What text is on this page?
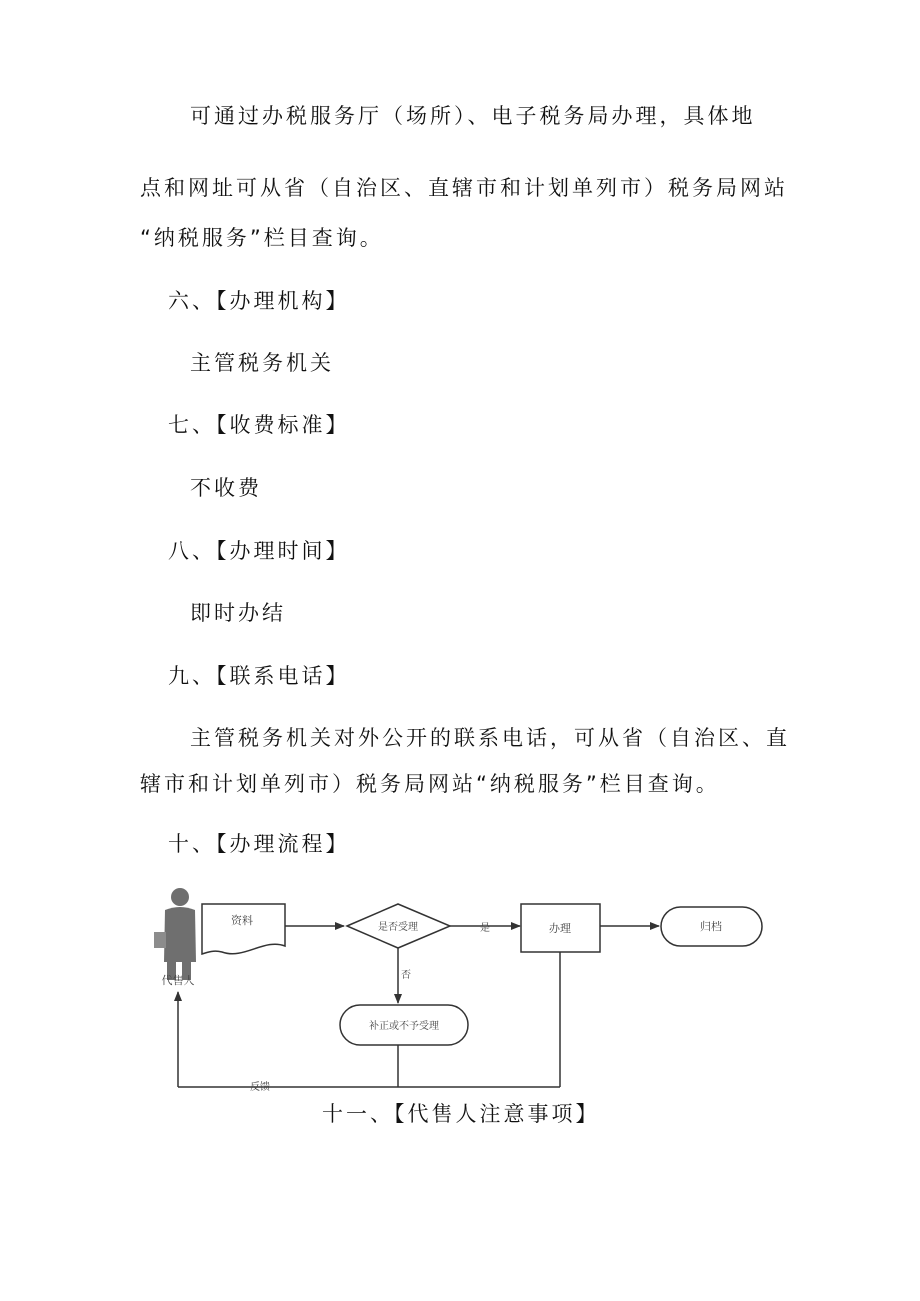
可通过办税服务厅（场所）、电子税务局办理，具体地
点和网址可从省（自治区、直辖市和计划单列市）税务局网站
“纳税服务”栏目查询。
六、【办理机构】
主管税务机关
七、【收费标准】
不收费
八、【办理时间】
即时办结
九、【联系电话】
主管税务机关对外公开的联系电话，可从省（自治区、直
辖市和计划单列市）税务局网站“纳税服务”栏目查询。
十、【办理流程】
代售人
资料
是否受理	是	办理	归档
否
补正或不予受理
反馈
十一、【代售人注意事项】
